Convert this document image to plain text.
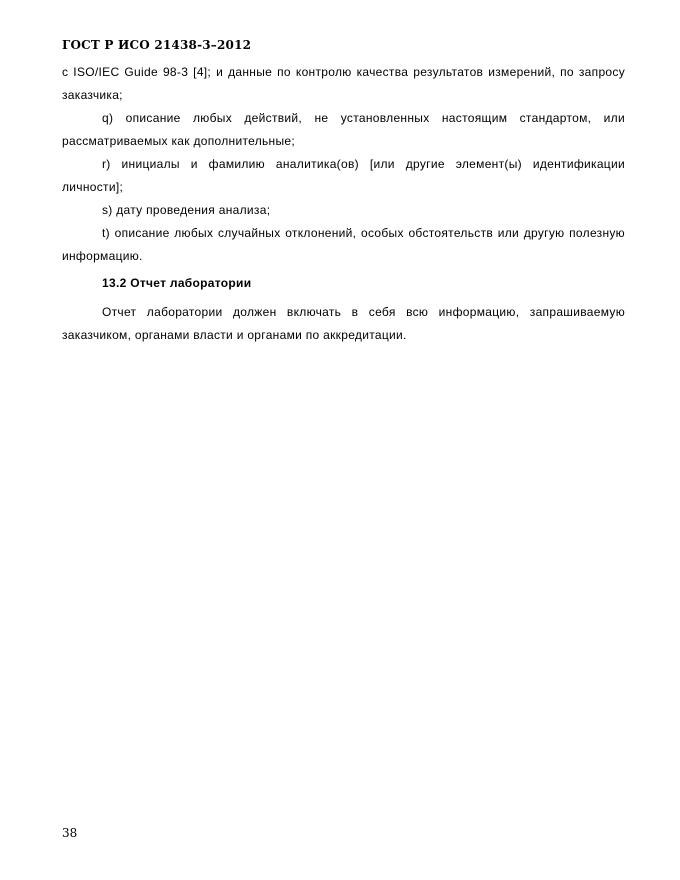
ГОСТ Р ИСО 21438-3–2012

с ISO/IEC Guide 98-3 [4]; и данные по контролю качества результатов измерений, по запросу заказчика;

q) описание любых действий, не установленных настоящим стандартом, или рассматриваемых как дополнительные;

r) инициалы и фамилию аналитика(ов) [или другие элемент(ы) идентификации личности];

s) дату проведения анализа;

t) описание любых случайных отклонений, особых обстоятельств или другую полезную информацию.

13.2 Отчет лаборатории

Отчет лаборатории должен включать в себя всю информацию, запрашиваемую заказчиком, органами власти и органами по аккредитации.

38
